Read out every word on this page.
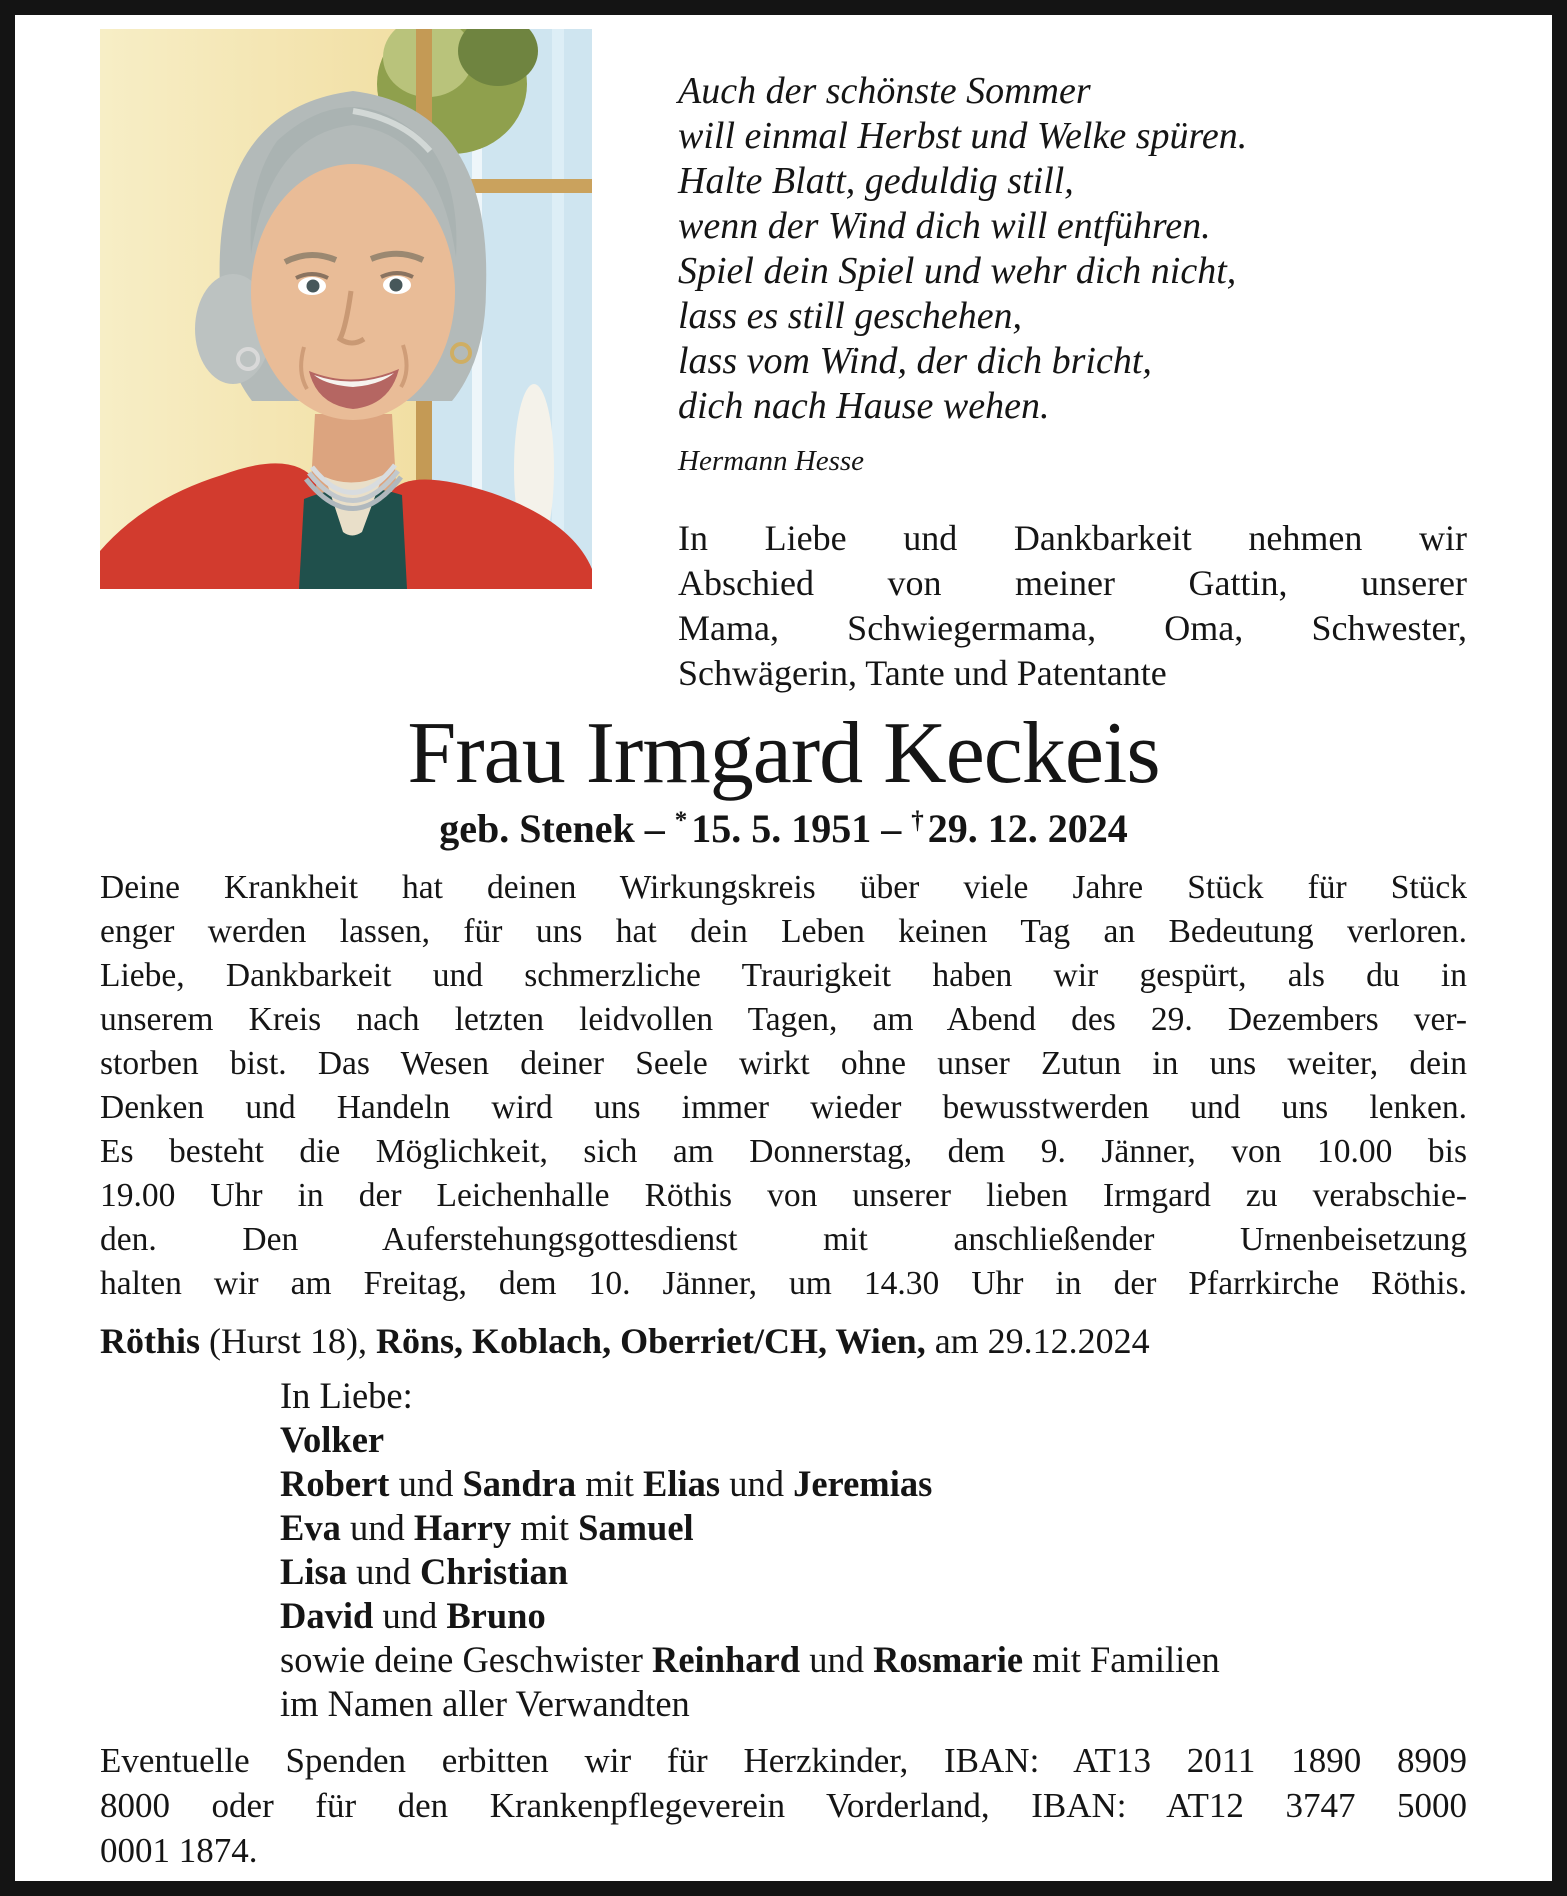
Auch der schönste Sommer
will einmal Herbst und Welke spüren.
Halte Blatt, geduldig still,
wenn der Wind dich will entführen.
Spiel dein Spiel und wehr dich nicht,
lass es still geschehen,
lass vom Wind, der dich bricht,
dich nach Hause wehen.
Hermann Hesse
In Liebe und Dankbarkeit nehmen wir
Abschied von meiner Gattin, unserer
Mama, Schwiegermama, Oma, Schwester,
Schwägerin, Tante und Patentante
Frau Irmgard Keckeis
geb. Stenek – * 15. 5. 1951 – † 29. 12. 2024
Deine Krankheit hat deinen Wirkungskreis über viele Jahre Stück für Stück
enger werden lassen, für uns hat dein Leben keinen Tag an Bedeutung verloren.
Liebe, Dankbarkeit und schmerzliche Traurigkeit haben wir gespürt, als du in
unserem Kreis nach letzten leidvollen Tagen, am Abend des 29. Dezembers ver-
storben bist. Das Wesen deiner Seele wirkt ohne unser Zutun in uns weiter, dein
Denken und Handeln wird uns immer wieder bewusstwerden und uns lenken.
Es besteht die Möglichkeit, sich am Donnerstag, dem 9. Jänner, von 10.00 bis
19.00 Uhr in der Leichenhalle Röthis von unserer lieben Irmgard zu verabschie-
den. Den Auferstehungsgottesdienst mit anschließender Urnenbeisetzung
halten wir am Freitag, dem 10. Jänner, um 14.30 Uhr in der Pfarrkirche Röthis.
Röthis (Hurst 18), Röns, Koblach, Oberriet/CH, Wien, am 29.12.2024
In Liebe:
Volker
Robert und Sandra mit Elias und Jeremias
Eva und Harry mit Samuel
Lisa und Christian
David und Bruno
sowie deine Geschwister Reinhard und Rosmarie mit Familien
im Namen aller Verwandten
Eventuelle Spenden erbitten wir für Herzkinder, IBAN: AT13 2011 1890 8909
8000 oder für den Krankenpflegeverein Vorderland, IBAN: AT12 3747 5000
0001 1874.
